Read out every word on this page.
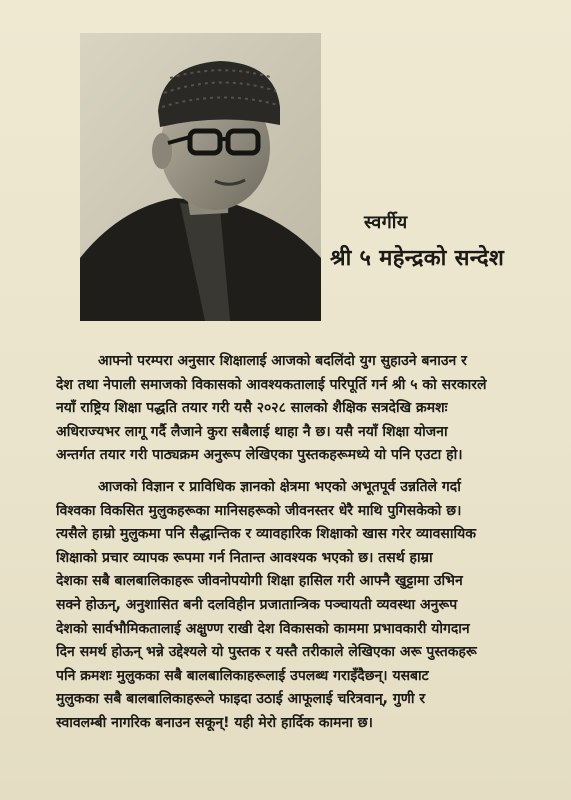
स्वर्गीय
श्री ५ महेन्द्रको सन्देश
आफ्नो परम्परा अनुसार शिक्षालाई आजको बदलिंदो युग सुहाउने बनाउन र
देश तथा नेपाली समाजको विकासको आवश्यकतालाई परिपूर्ति गर्न श्री ५ को सरकारले
नयाँ राष्ट्रिय शिक्षा पद्धति तयार गरी यसै २०२८ सालको शैक्षिक सत्रदेखि क्रमशः
अधिराज्यभर लागू गर्दै लैजाने कुरा सबैलाई थाहा नै छ। यसै नयाँ शिक्षा योजना
अन्तर्गत तयार गरी पाठ्यक्रम अनुरूप लेखिएका पुस्तकहरूमध्ये यो पनि एउटा हो।
आजको विज्ञान र प्राविधिक ज्ञानको क्षेत्रमा भएको अभूतपूर्व उन्नतिले गर्दा
विश्वका विकसित मुलुकहरूका मानिसहरूको जीवनस्तर धेरै माथि पुगिसकेको छ।
त्यसैले हाम्रो मुलुकमा पनि सैद्धान्तिक र व्यावहारिक शिक्षाको खास गरेर व्यावसायिक
शिक्षाको प्रचार व्यापक रूपमा गर्न नितान्त आवश्यक भएको छ। तसर्थ हाम्रा
देशका सबै बालबालिकाहरू जीवनोपयोगी शिक्षा हासिल गरी आफ्नै खुट्टामा उभिन
सक्ने होऊन्, अनुशासित बनी दलविहीन प्रजातान्त्रिक पञ्चायती व्यवस्था अनुरूप
देशको सार्वभौमिकतालाई अक्षुण्ण राखी देश विकासको काममा प्रभावकारी योगदान
दिन समर्थ होऊन् भन्ने उद्देश्यले यो पुस्तक र यस्तै तरीकाले लेखिएका अरू पुस्तकहरू
पनि क्रमशः मुलुकका सबै बालबालिकाहरूलाई उपलब्ध गराइँदैछन्। यसबाट
मुलुकका सबै बालबालिकाहरूले फाइदा उठाई आफूलाई चरित्रवान्, गुणी र
स्वावलम्बी नागरिक बनाउन सकून्! यही मेरो हार्दिक कामना छ।
